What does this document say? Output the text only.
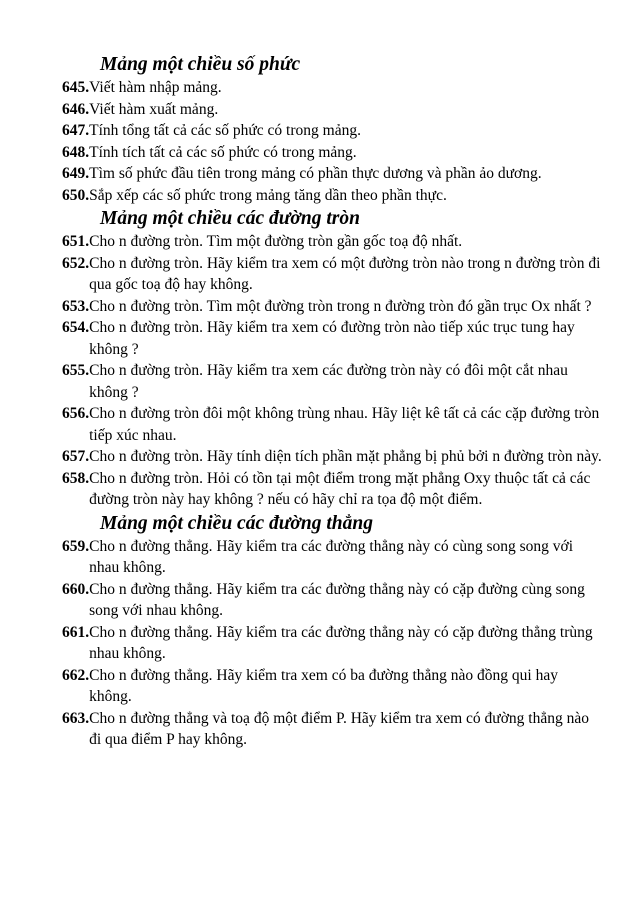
Mảng một chiều số phức
645. Viết hàm nhập mảng.
646. Viết hàm xuất mảng.
647. Tính tổng tất cả các số phức có trong mảng.
648. Tính tích tất cả các số phức có trong mảng.
649. Tìm số phức đầu tiên trong mảng có phần thực dương và phần ảo dương.
650. Sắp xếp các số phức trong mảng tăng dần theo phần thực.
Mảng một chiều các đường tròn
651. Cho n đường tròn. Tìm một đường tròn gần gốc toạ độ nhất.
652. Cho n đường tròn. Hãy kiểm tra xem có một đường tròn nào trong n đường tròn đi qua gốc toạ độ hay không.
653. Cho n đường tròn. Tìm một đường tròn trong n đường tròn đó gần trục Ox nhất ?
654. Cho n đường tròn. Hãy kiểm tra xem có đường tròn nào tiếp xúc trục tung hay không ?
655. Cho n đường tròn. Hãy kiểm tra xem các đường tròn này có đôi một cắt nhau không ?
656. Cho n đường tròn đôi một không trùng nhau. Hãy liệt kê tất cả các cặp đường tròn tiếp xúc nhau.
657. Cho n đường tròn. Hãy tính diện tích phần mặt phẳng bị phủ bởi n đường tròn này.
658. Cho n đường tròn. Hỏi có tồn tại một điểm trong mặt phẳng Oxy thuộc tất cả các đường tròn này hay không ? nếu có hãy chỉ ra tọa độ một điểm.
Mảng một chiều các đường thẳng
659. Cho n đường thẳng. Hãy kiểm tra các đường thẳng này có cùng song song với nhau không.
660. Cho n đường thẳng. Hãy kiểm tra các đường thẳng này có cặp đường cùng song song với nhau không.
661. Cho n đường thẳng. Hãy kiểm tra các đường thẳng này có cặp đường thẳng trùng nhau không.
662. Cho n đường thẳng. Hãy kiểm tra xem có ba đường thẳng nào đồng qui hay không.
663. Cho n đường thẳng và toạ độ một điểm P. Hãy kiểm tra xem có đường thẳng nào đi qua điểm P hay không.
